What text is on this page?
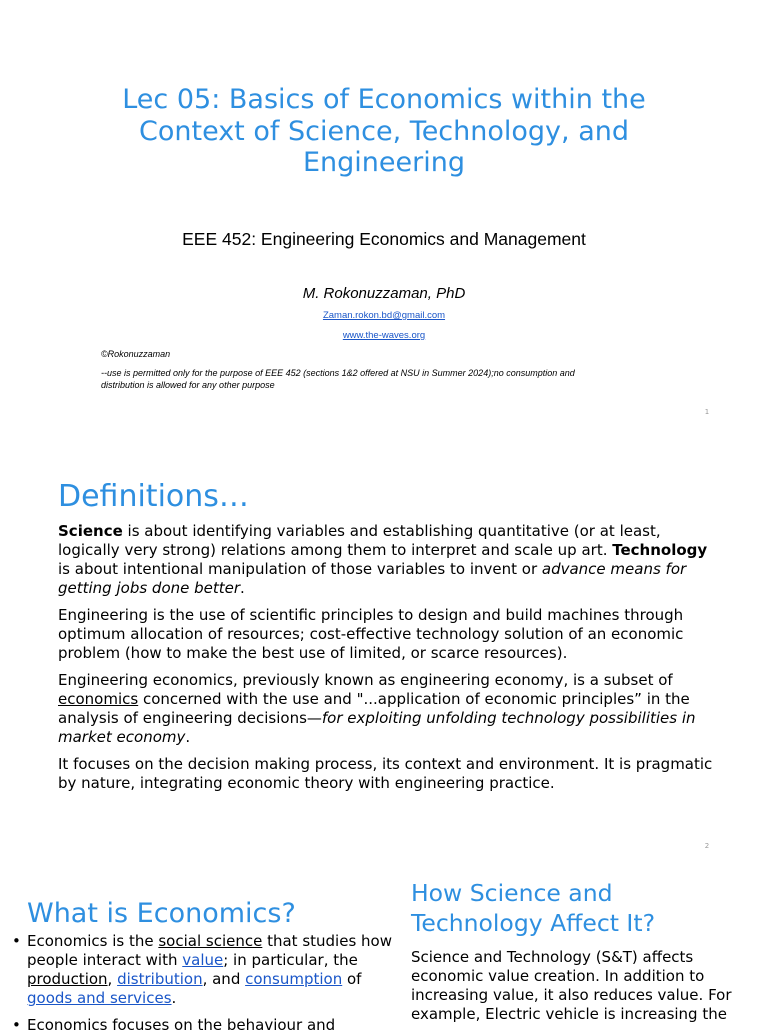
Lec 05: Basics of Economics within the
Context of Science, Technology, and
Engineering
EEE 452: Engineering Economics and Management
M. Rokonuzzaman, PhD
Zaman.rokon.bd@gmail.com
www.the-waves.org
©Rokonuzzaman
--use is permitted only for the purpose of EEE 452 (sections 1&2 offered at NSU in Summer 2024);no consumption and
distribution is allowed for any other purpose
1
Definitions…

Science is about identifying variables and establishing quantitative (or at least, logically very strong) relations among them to interpret and scale up art. Technology is about intentional manipulation of those variables to invent or advance means for getting jobs done better.

Engineering is the use of scientific principles to design and build machines through optimum allocation of resources; cost-effective technology solution of an economic problem (how to make the best use of limited, or scarce resources).

Engineering economics, previously known as engineering economy, is a subset of economics concerned with the use and "...application of economic principles” in the analysis of engineering decisions—for exploiting unfolding technology possibilities in market economy.

It focuses on the decision making process, its context and environment. It is pragmatic by nature, integrating economic theory with engineering practice.

2
What is Economics?
• Economics is the social science that studies how people interact with value; in particular, the production, distribution, and consumption of goods and services.
• Economics focuses on the behaviour and
How Science and Technology Affect It?
Science and Technology (S&T) affects economic value creation. In addition to increasing value, it also reduces value. For example, Electric vehicle is increasing the
